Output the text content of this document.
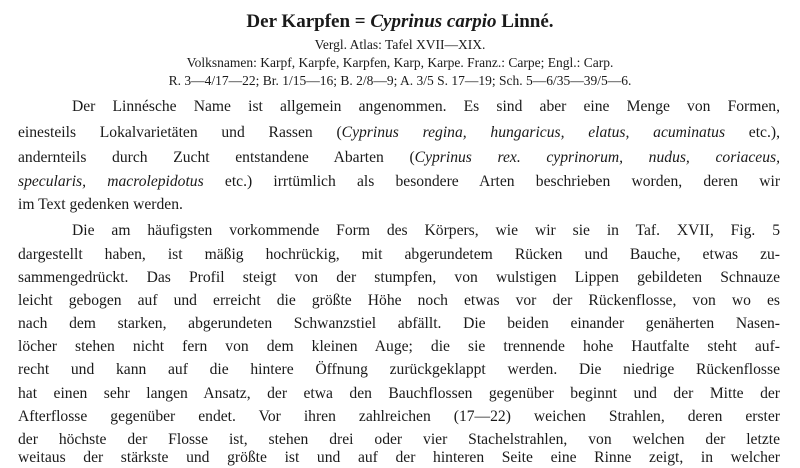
Der Karpfen = Cyprinus carpio Linné.
Vergl. Atlas: Tafel XVII—XIX.
Volksnamen: Karpf, Karpfe, Karpfen, Karp, Karpe. Franz.: Carpe; Engl.: Carp.
R. 3—4/17—22; Br. 1/15—16; B. 2/8—9; A. 3/5 S. 17—19; Sch. 5—6/35—39/5—6.
Der Linnésche Name ist allgemein angenommen. Es sind aber eine Menge von Formen,
einesteils Lokalvarietäten und Rassen (Cyprinus regina, hungaricus, elatus, acuminatus etc.),
andernteils durch Zucht entstandene Abarten (Cyprinus rex. cyprinorum, nudus, coriaceus,
specularis, macrolepidotus etc.) irrtümlich als besondere Arten beschrieben worden, deren wir
im Text gedenken werden.
Die am häufigsten vorkommende Form des Körpers, wie wir sie in Taf. XVII, Fig. 5
dargestellt haben, ist mäßig hochrückig, mit abgerundetem Rücken und Bauche, etwas zu-
sammengedrückt. Das Profil steigt von der stumpfen, von wulstigen Lippen gebildeten Schnauze
leicht gebogen auf und erreicht die größte Höhe noch etwas vor der Rückenflosse, von wo es
nach dem starken, abgerundeten Schwanzstiel abfällt. Die beiden einander genäherten Nasen-
löcher stehen nicht fern von dem kleinen Auge; die sie trennende hohe Hautfalte steht auf-
recht und kann auf die hintere Öffnung zurückgeklappt werden. Die niedrige Rückenflosse
hat einen sehr langen Ansatz, der etwa den Bauchflossen gegenüber beginnt und der Mitte der
Afterflosse gegenüber endet. Vor ihren zahlreichen (17—22) weichen Strahlen, deren erster
der höchste der Flosse ist, stehen drei oder vier Stachelstrahlen, von welchen der letzte
weitaus der stärkste und größte ist und auf der hinteren Seite eine Rinne zeigt, in welcher
